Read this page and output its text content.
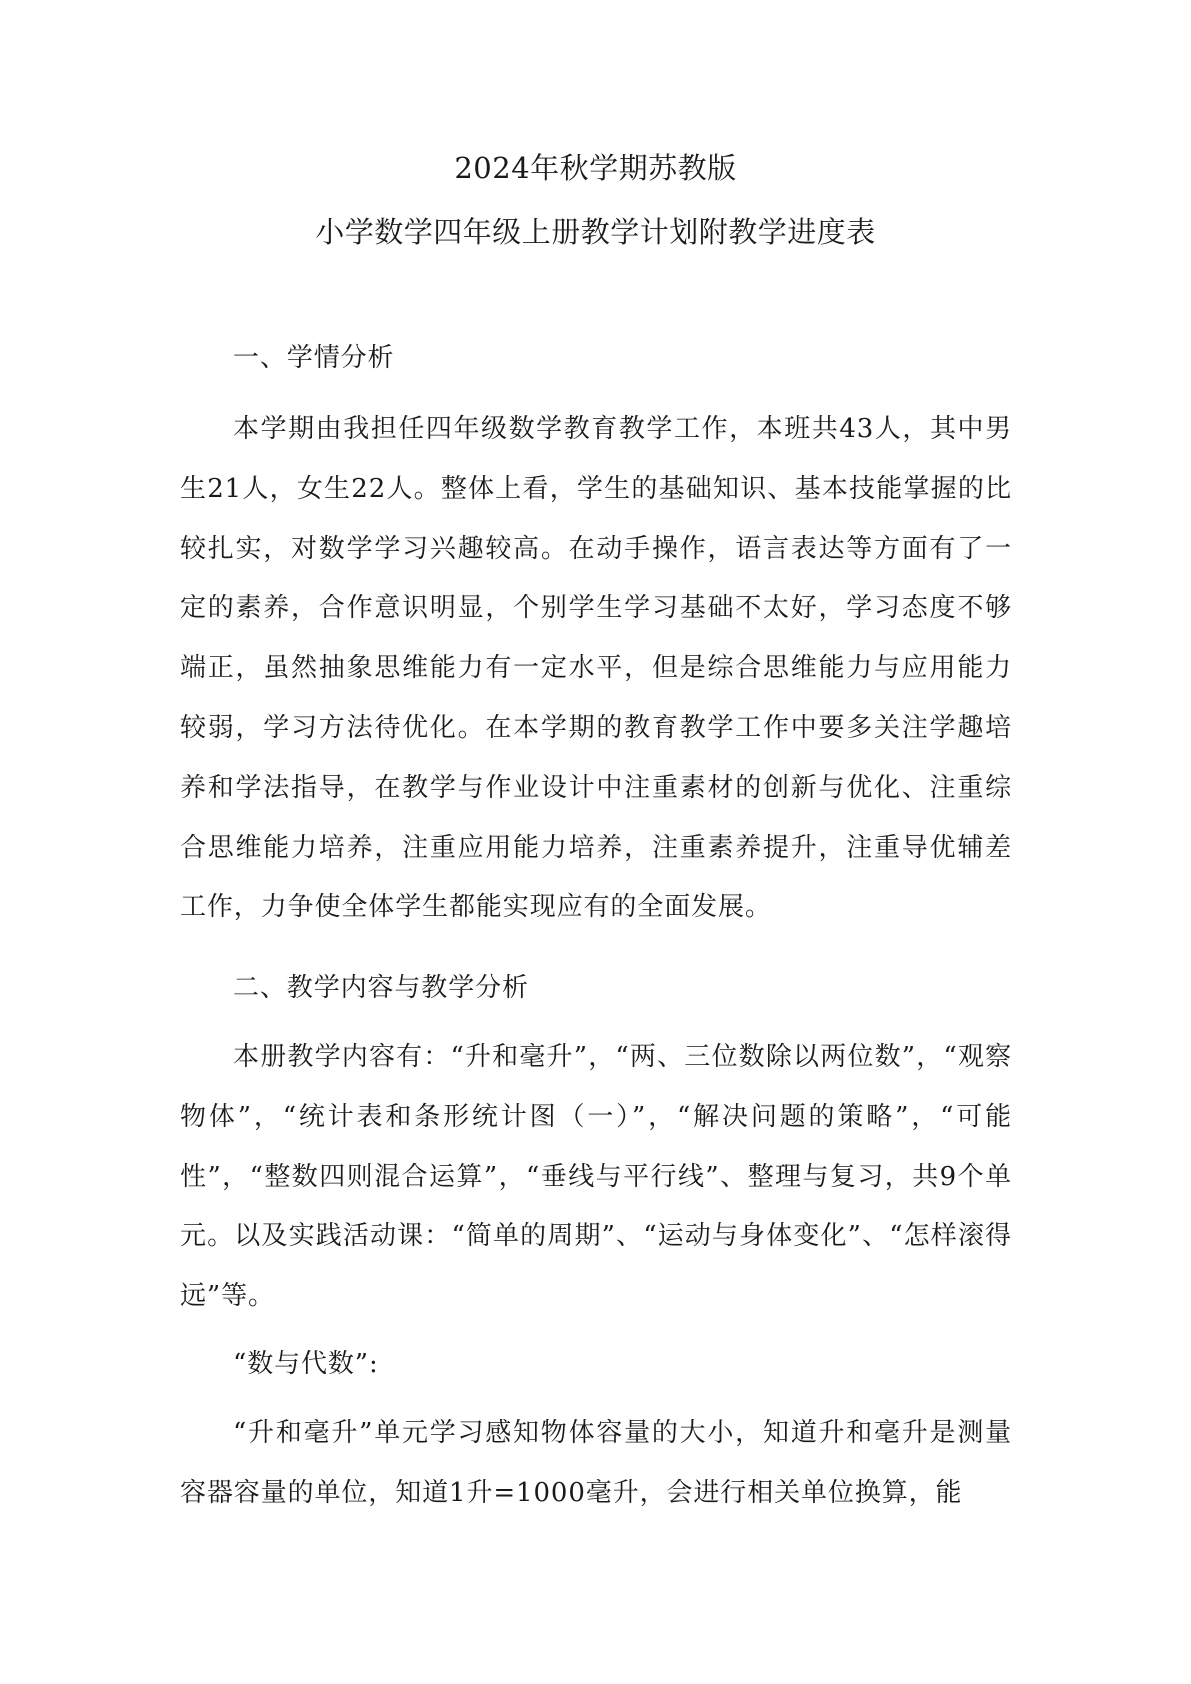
2024年秋学期苏教版
小学数学四年级上册教学计划附教学进度表
一、学情分析

本学期由我担任四年级数学教育教学工作，本班共43人，其中男生21人，女生22人。整体上看，学生的基础知识、基本技能掌握的比较扎实，对数学学习兴趣较高。在动手操作，语言表达等方面有了一定的素养，合作意识明显，个别学生学习基础不太好，学习态度不够端正，虽然抽象思维能力有一定水平，但是综合思维能力与应用能力较弱，学习方法待优化。在本学期的教育教学工作中要多关注学趣培养和学法指导，在教学与作业设计中注重素材的创新与优化、注重综合思维能力培养，注重应用能力培养，注重素养提升，注重导优辅差工作，力争使全体学生都能实现应有的全面发展。

二、教学内容与教学分析

本册教学内容有：“升和毫升”，“两、三位数除以两位数”，“观察物体”，“统计表和条形统计图（一）”，“解决问题的策略”，“可能性”，“整数四则混合运算”，“垂线与平行线”、整理与复习，共9个单元。以及实践活动课：“简单的周期”、“运动与身体变化”、“怎样滚得远”等。

“数与代数”:

“升和毫升”单元学习感知物体容量的大小，知道升和毫升是测量容器容量的单位，知道1升=1000毫升，会进行相关单位换算，能
